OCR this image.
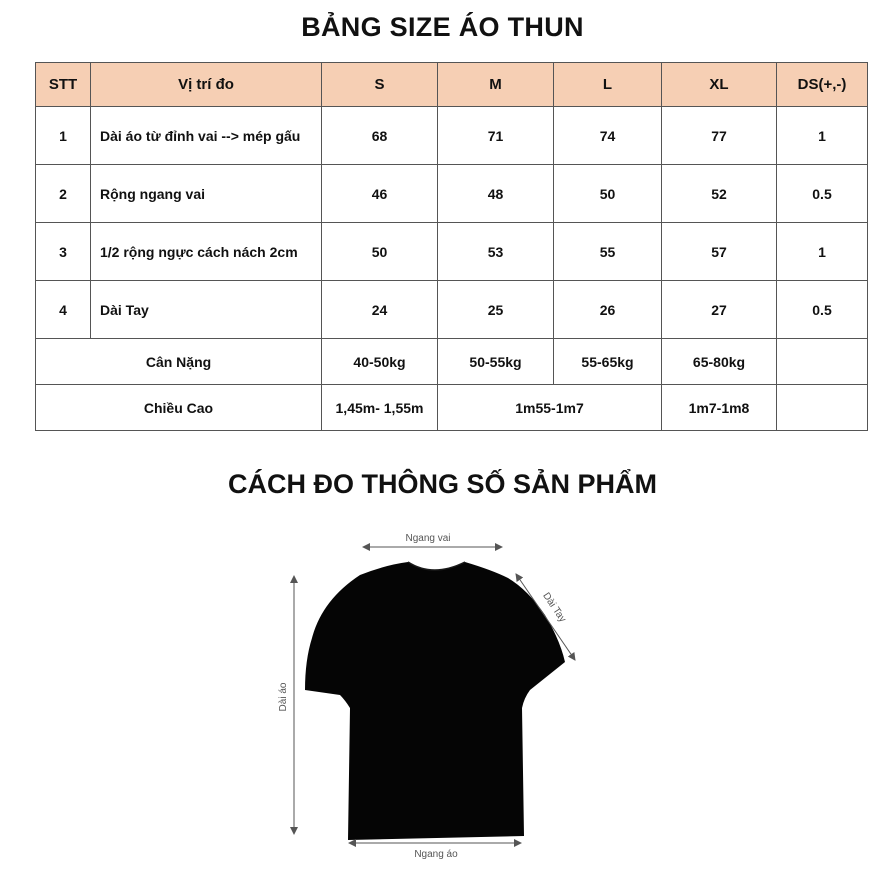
BẢNG SIZE ÁO THUN
STT	Vị trí đo	S	M	L	XL	DS(+,-)
1	Dài áo từ đỉnh vai --> mép gấu	68	71	74	77	1
2	Rộng ngang vai	46	48	50	52	0.5
3	1/2 rộng ngực cách nách 2cm	50	53	55	57	1
4	Dài Tay	24	25	26	27	0.5
Cân Nặng		40-50kg	50-55kg	55-65kg	65-80kg	
Chiều Cao		1,45m- 1,55m	1m55-1m7		1m7-1m8	
CÁCH ĐO THÔNG SỐ SẢN PHẨM
Ngang vai
Dài Tay
Dài áo
Ngang áo
